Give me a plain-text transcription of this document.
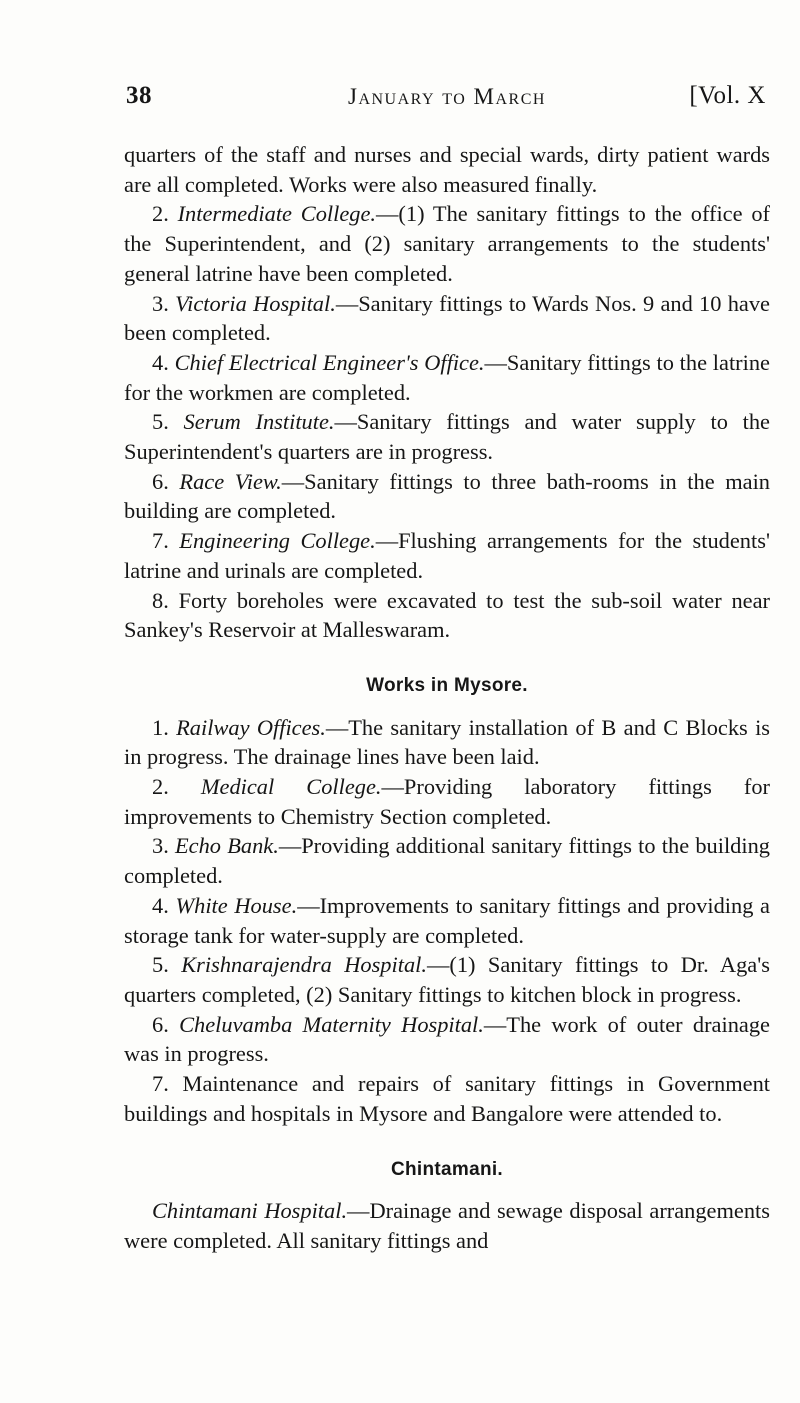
38	January to March	[Vol. X

quarters of the staff and nurses and special wards, dirty patient wards are all completed. Works were also measured finally.

2. Intermediate College.—(1) The sanitary fittings to the office of the Superintendent, and (2) sanitary arrangements to the students' general latrine have been completed.

3. Victoria Hospital.—Sanitary fittings to Wards Nos. 9 and 10 have been completed.

4. Chief Electrical Engineer's Office.—Sanitary fittings to the latrine for the workmen are completed.

5. Serum Institute.—Sanitary fittings and water supply to the Superintendent's quarters are in progress.

6. Race View.—Sanitary fittings to three bath-rooms in the main building are completed.

7. Engineering College.—Flushing arrangements for the students' latrine and urinals are completed.

8. Forty boreholes were excavated to test the sub-soil water near Sankey's Reservoir at Malleswaram.

Works in Mysore.

1. Railway Offices.—The sanitary installation of B and C Blocks is in progress. The drainage lines have been laid.

2. Medical College.—Providing laboratory fittings for improvements to Chemistry Section completed.

3. Echo Bank.—Providing additional sanitary fittings to the building completed.

4. White House.—Improvements to sanitary fittings and providing a storage tank for water-supply are completed.

5. Krishnarajendra Hospital.—(1) Sanitary fittings to Dr. Aga's quarters completed, (2) Sanitary fittings to kitchen block in progress.

6. Cheluvamba Maternity Hospital.—The work of outer drainage was in progress.

7. Maintenance and repairs of sanitary fittings in Government buildings and hospitals in Mysore and Bangalore were attended to.

Chintamani.

Chintamani Hospital.—Drainage and sewage disposal arrangements were completed. All sanitary fittings and
